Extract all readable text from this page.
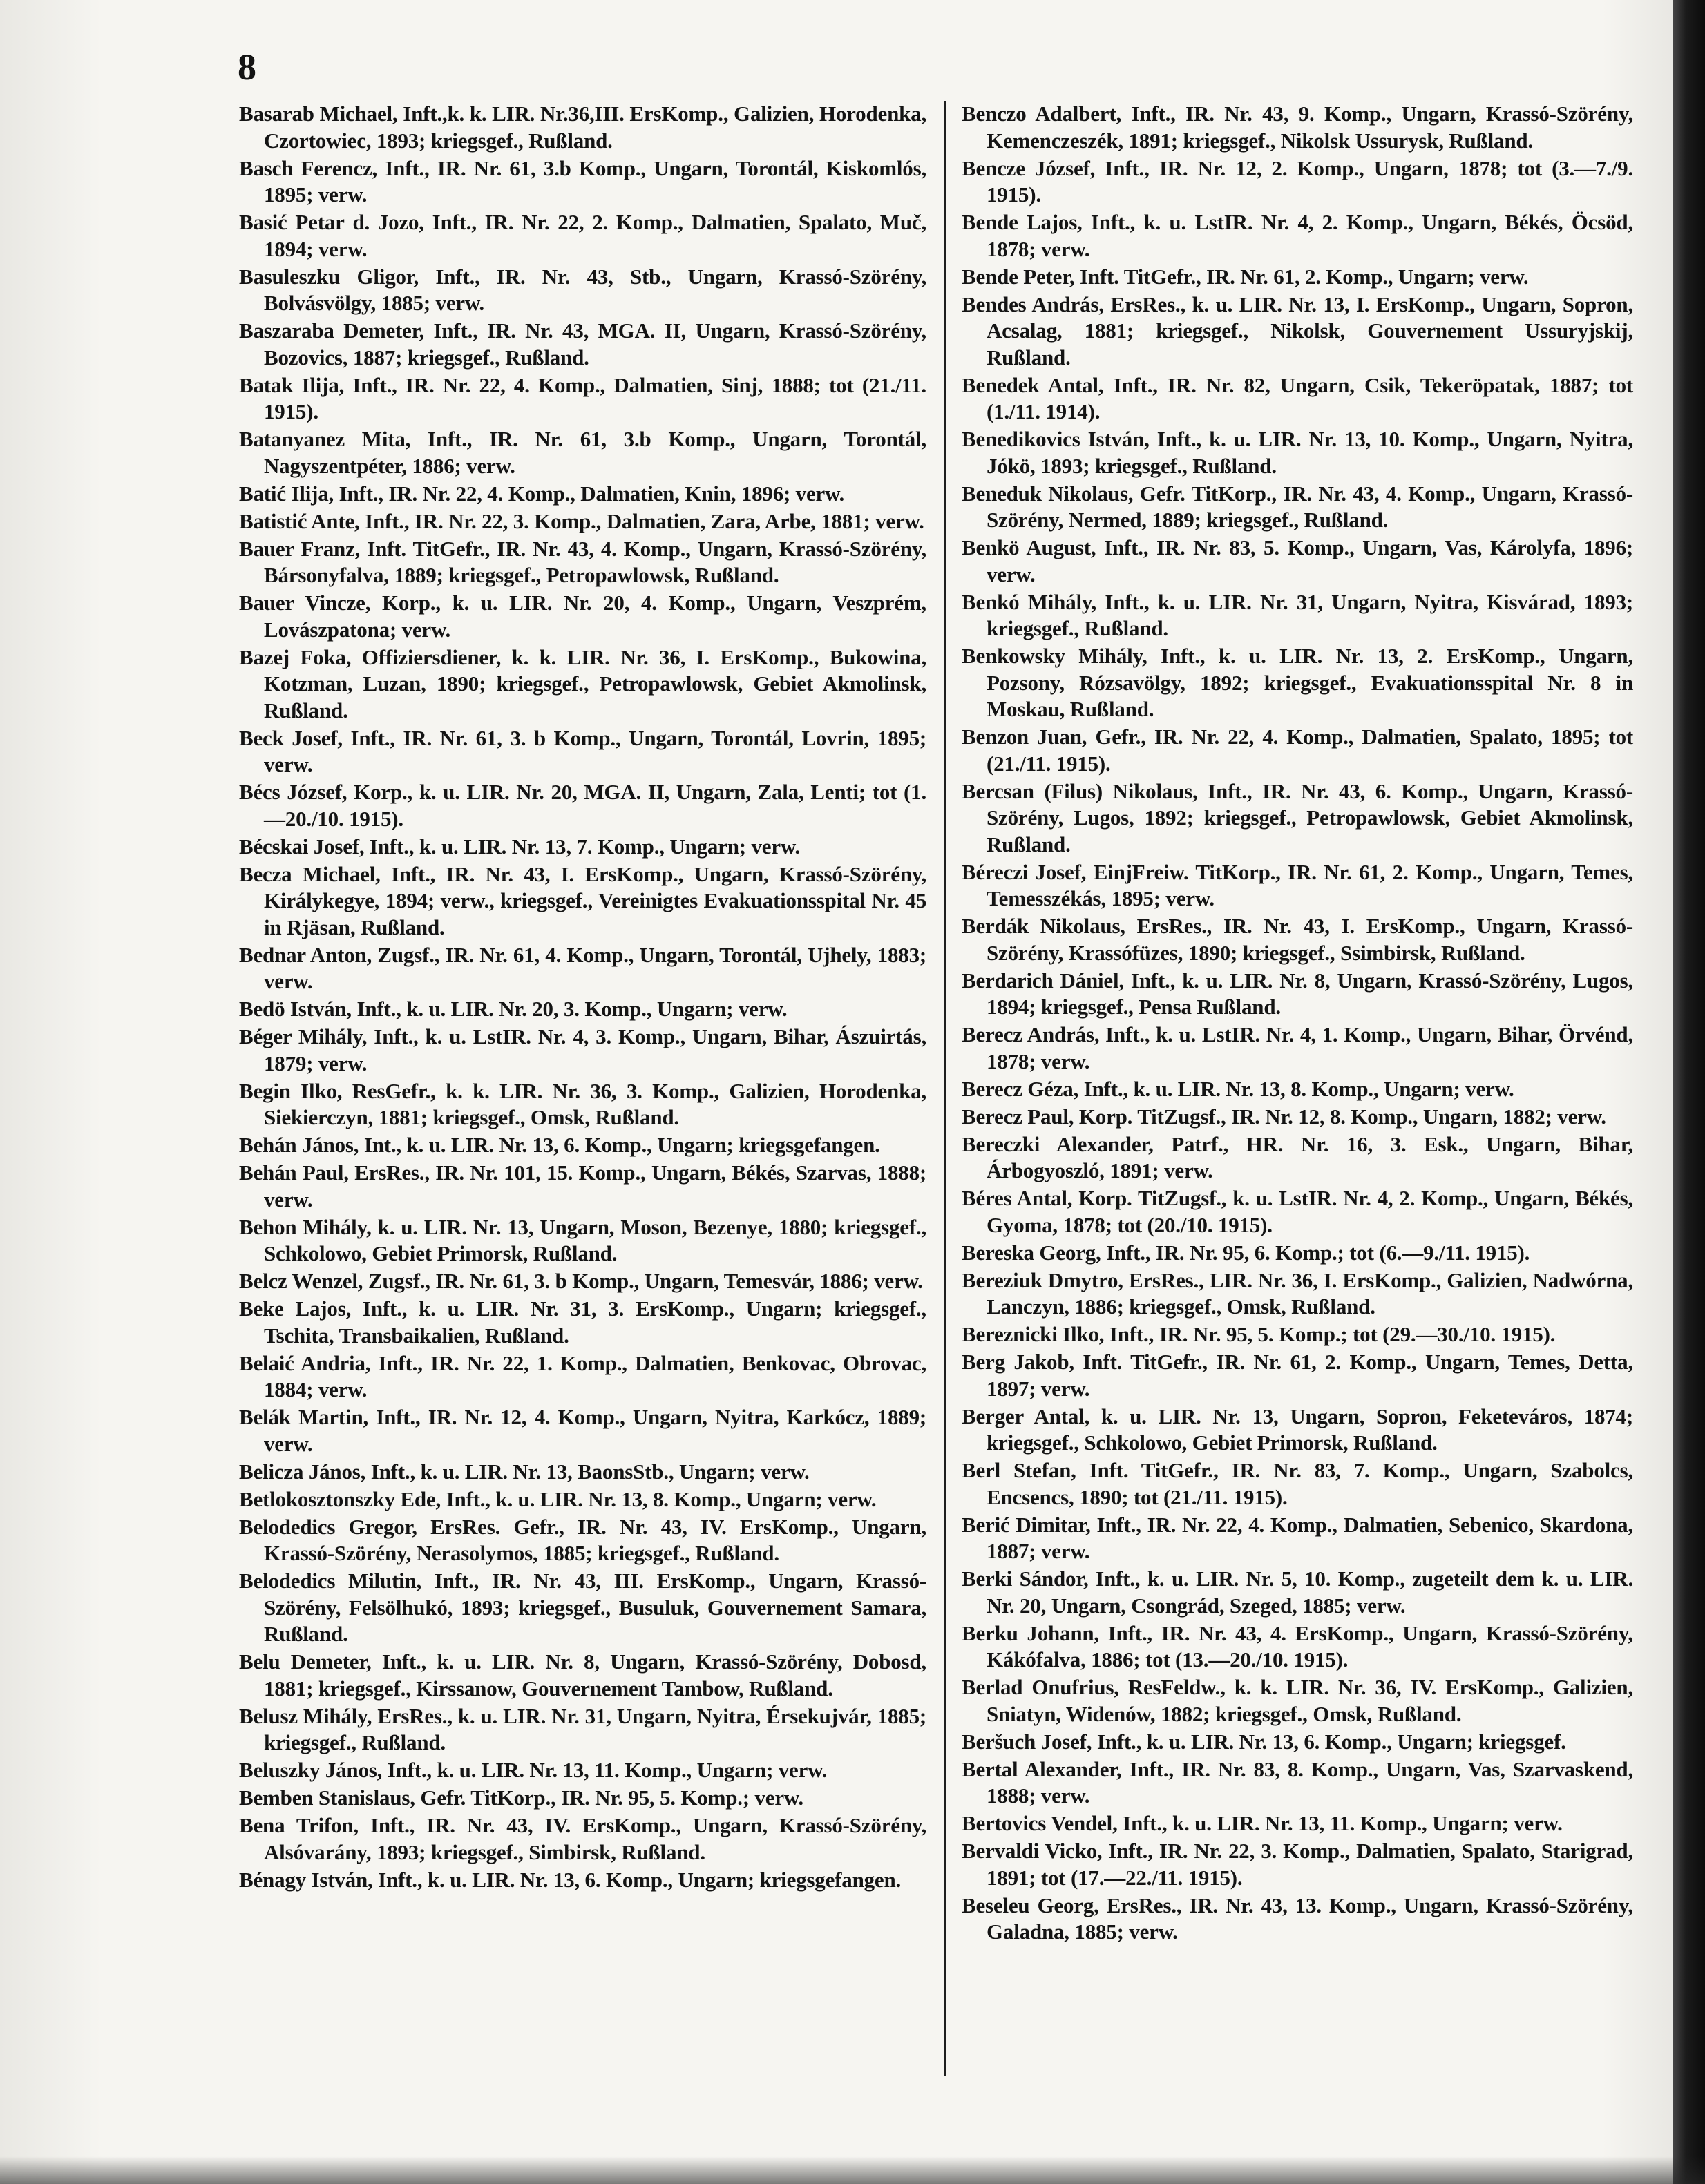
8
Basarab Michael, Inft.,k. k. LIR. Nr.36,III. ErsKomp., Galizien, Horodenka, Czortowiec, 1893; kriegsgef., Rußland.
Basch Ferencz, Inft., IR. Nr. 61, 3.b Komp., Ungarn, Torontál, Kiskomlós, 1895; verw.
Basić Petar d. Jozo, Inft., IR. Nr. 22, 2. Komp., Dalmatien, Spalato, Muč, 1894; verw.
Basuleszku Gligor, Inft., IR. Nr. 43, Stb., Ungarn, Krassó-Szörény, Bolvásvölgy, 1885; verw.
Baszaraba Demeter, Inft., IR. Nr. 43, MGA. II, Ungarn, Krassó-Szörény, Bozovics, 1887; kriegsgef., Rußland.
Batak Ilija, Inft., IR. Nr. 22, 4. Komp., Dalmatien, Sinj, 1888; tot (21./11. 1915).
Batanyanez Mita, Inft., IR. Nr. 61, 3.b Komp., Ungarn, Torontál, Nagyszentpéter, 1886; verw.
Batić Ilija, Inft., IR. Nr. 22, 4. Komp., Dalmatien, Knin, 1896; verw.
Batistić Ante, Inft., IR. Nr. 22, 3. Komp., Dalmatien, Zara, Arbe, 1881; verw.
Bauer Franz, Inft. TitGefr., IR. Nr. 43, 4. Komp., Ungarn, Krassó-Szörény, Bársonyfalva, 1889; kriegsgef., Petropawlowsk, Rußland.
Bauer Vincze, Korp., k. u. LIR. Nr. 20, 4. Komp., Ungarn, Veszprém, Lovászpatona; verw.
Bazej Foka, Offiziersdiener, k. k. LIR. Nr. 36, I. ErsKomp., Bukowina, Kotzman, Luzan, 1890; kriegsgef., Petropawlowsk, Gebiet Akmolinsk, Rußland.
Beck Josef, Inft., IR. Nr. 61, 3. b Komp., Ungarn, Torontál, Lovrin, 1895; verw.
Bécs József, Korp., k. u. LIR. Nr. 20, MGA. II, Ungarn, Zala, Lenti; tot (1.—20./10. 1915).
Bécskai Josef, Inft., k. u. LIR. Nr. 13, 7. Komp., Ungarn; verw.
Becza Michael, Inft., IR. Nr. 43, I. ErsKomp., Ungarn, Krassó-Szörény, Királykegye, 1894; verw., kriegsgef., Vereinigtes Evakuationsspital Nr. 45 in Rjäsan, Rußland.
Bednar Anton, Zugsf., IR. Nr. 61, 4. Komp., Ungarn, Torontál, Ujhely, 1883; verw.
Bedö István, Inft., k. u. LIR. Nr. 20, 3. Komp., Ungarn; verw.
Béger Mihály, Inft., k. u. LstIR. Nr. 4, 3. Komp., Ungarn, Bihar, Ászuirtás, 1879; verw.
Begin Ilko, ResGefr., k. k. LIR. Nr. 36, 3. Komp., Galizien, Horodenka, Siekierczyn, 1881; kriegsgef., Omsk, Rußland.
Behán János, Int., k. u. LIR. Nr. 13, 6. Komp., Ungarn; kriegsgefangen.
Behán Paul, ErsRes., IR. Nr. 101, 15. Komp., Ungarn, Békés, Szarvas, 1888; verw.
Behon Mihály, k. u. LIR. Nr. 13, Ungarn, Moson, Bezenye, 1880; kriegsgef., Schkolowo, Gebiet Primorsk, Rußland.
Belcz Wenzel, Zugsf., IR. Nr. 61, 3. b Komp., Ungarn, Temesvár, 1886; verw.
Beke Lajos, Inft., k. u. LIR. Nr. 31, 3. ErsKomp., Ungarn; kriegsgef., Tschita, Transbaikalien, Rußland.
Belaić Andria, Inft., IR. Nr. 22, 1. Komp., Dalmatien, Benkovac, Obrovac, 1884; verw.
Belák Martin, Inft., IR. Nr. 12, 4. Komp., Ungarn, Nyitra, Karkócz, 1889; verw.
Belicza János, Inft., k. u. LIR. Nr. 13, BaonsStb., Ungarn; verw.
Betlokosztonszky Ede, Inft., k. u. LIR. Nr. 13, 8. Komp., Ungarn; verw.
Belodedics Gregor, ErsRes. Gefr., IR. Nr. 43, IV. ErsKomp., Ungarn, Krassó-Szörény, Nerasolymos, 1885; kriegsgef., Rußland.
Belodedics Milutin, Inft., IR. Nr. 43, III. ErsKomp., Ungarn, Krassó-Szörény, Felsölhukó, 1893; kriegsgef., Busuluk, Gouvernement Samara, Rußland.
Belu Demeter, Inft., k. u. LIR. Nr. 8, Ungarn, Krassó-Szörény, Dobosd, 1881; kriegsgef., Kirssanow, Gouvernement Tambow, Rußland.
Belusz Mihály, ErsRes., k. u. LIR. Nr. 31, Ungarn, Nyitra, Érsekujvár, 1885; kriegsgef., Rußland.
Beluszky János, Inft., k. u. LIR. Nr. 13, 11. Komp., Ungarn; verw.
Bemben Stanislaus, Gefr. TitKorp., IR. Nr. 95, 5. Komp.; verw.
Bena Trifon, Inft., IR. Nr. 43, IV. ErsKomp., Ungarn, Krassó-Szörény, Alsóvarány, 1893; kriegsgef., Simbirsk, Rußland.
Bénagy István, Inft., k. u. LIR. Nr. 13, 6. Komp., Ungarn; kriegsgefangen.
Benczo Adalbert, Inft., IR. Nr. 43, 9. Komp., Ungarn, Krassó-Szörény, Kemenczeszék, 1891; kriegsgef., Nikolsk Ussurysk, Rußland.
Bencze József, Inft., IR. Nr. 12, 2. Komp., Ungarn, 1878; tot (3.—7./9. 1915).
Bende Lajos, Inft., k. u. LstIR. Nr. 4, 2. Komp., Ungarn, Békés, Öcsöd, 1878; verw.
Bende Peter, Inft. TitGefr., IR. Nr. 61, 2. Komp., Ungarn; verw.
Bendes András, ErsRes., k. u. LIR. Nr. 13, I. ErsKomp., Ungarn, Sopron, Acsalag, 1881; kriegsgef., Nikolsk, Gouvernement Ussuryjskij, Rußland.
Benedek Antal, Inft., IR. Nr. 82, Ungarn, Csik, Tekeröpatak, 1887; tot (1./11. 1914).
Benedikovics István, Inft., k. u. LIR. Nr. 13, 10. Komp., Ungarn, Nyitra, Jókö, 1893; kriegsgef., Rußland.
Beneduk Nikolaus, Gefr. TitKorp., IR. Nr. 43, 4. Komp., Ungarn, Krassó-Szörény, Nermed, 1889; kriegsgef., Rußland.
Benkö August, Inft., IR. Nr. 83, 5. Komp., Ungarn, Vas, Károlyfa, 1896; verw.
Benkó Mihály, Inft., k. u. LIR. Nr. 31, Ungarn, Nyitra, Kisvárad, 1893; kriegsgef., Rußland.
Benkowsky Mihály, Inft., k. u. LIR. Nr. 13, 2. ErsKomp., Ungarn, Pozsony, Rózsavölgy, 1892; kriegsgef., Evakuationsspital Nr. 8 in Moskau, Rußland.
Benzon Juan, Gefr., IR. Nr. 22, 4. Komp., Dalmatien, Spalato, 1895; tot (21./11. 1915).
Bercsan (Filus) Nikolaus, Inft., IR. Nr. 43, 6. Komp., Ungarn, Krassó-Szörény, Lugos, 1892; kriegsgef., Petropawlowsk, Gebiet Akmolinsk, Rußland.
Béreczi Josef, EinjFreiw. TitKorp., IR. Nr. 61, 2. Komp., Ungarn, Temes, Temesszékás, 1895; verw.
Berdák Nikolaus, ErsRes., IR. Nr. 43, I. ErsKomp., Ungarn, Krassó-Szörény, Krassófüzes, 1890; kriegsgef., Ssimbirsk, Rußland.
Berdarich Dániel, Inft., k. u. LIR. Nr. 8, Ungarn, Krassó-Szörény, Lugos, 1894; kriegsgef., Pensa Rußland.
Berecz András, Inft., k. u. LstIR. Nr. 4, 1. Komp., Ungarn, Bihar, Örvénd, 1878; verw.
Berecz Géza, Inft., k. u. LIR. Nr. 13, 8. Komp., Ungarn; verw.
Berecz Paul, Korp. TitZugsf., IR. Nr. 12, 8. Komp., Ungarn, 1882; verw.
Bereczki Alexander, Patrf., HR. Nr. 16, 3. Esk., Ungarn, Bihar, Árbogyoszló, 1891; verw.
Béres Antal, Korp. TitZugsf., k. u. LstIR. Nr. 4, 2. Komp., Ungarn, Békés, Gyoma, 1878; tot (20./10. 1915).
Bereska Georg, Inft., IR. Nr. 95, 6. Komp.; tot (6.—9./11. 1915).
Bereziuk Dmytro, ErsRes., LIR. Nr. 36, I. ErsKomp., Galizien, Nadwórna, Lanczyn, 1886; kriegsgef., Omsk, Rußland.
Bereznicki Ilko, Inft., IR. Nr. 95, 5. Komp.; tot (29.—30./10. 1915).
Berg Jakob, Inft. TitGefr., IR. Nr. 61, 2. Komp., Ungarn, Temes, Detta, 1897; verw.
Berger Antal, k. u. LIR. Nr. 13, Ungarn, Sopron, Feketeváros, 1874; kriegsgef., Schkolowo, Gebiet Primorsk, Rußland.
Berl Stefan, Inft. TitGefr., IR. Nr. 83, 7. Komp., Ungarn, Szabolcs, Encsencs, 1890; tot (21./11. 1915).
Berić Dimitar, Inft., IR. Nr. 22, 4. Komp., Dalmatien, Sebenico, Skardona, 1887; verw.
Berki Sándor, Inft., k. u. LIR. Nr. 5, 10. Komp., zugeteilt dem k. u. LIR. Nr. 20, Ungarn, Csongrád, Szeged, 1885; verw.
Berku Johann, Inft., IR. Nr. 43, 4. ErsKomp., Ungarn, Krassó-Szörény, Kákófalva, 1886; tot (13.—20./10. 1915).
Berlad Onufrius, ResFeldw., k. k. LIR. Nr. 36, IV. ErsKomp., Galizien, Sniatyn, Widenów, 1882; kriegsgef., Omsk, Rußland.
Beršuch Josef, Inft., k. u. LIR. Nr. 13, 6. Komp., Ungarn; kriegsgef.
Bertal Alexander, Inft., IR. Nr. 83, 8. Komp., Ungarn, Vas, Szarvaskend, 1888; verw.
Bertovics Vendel, Inft., k. u. LIR. Nr. 13, 11. Komp., Ungarn; verw.
Bervaldi Vicko, Inft., IR. Nr. 22, 3. Komp., Dalmatien, Spalato, Starigrad, 1891; tot (17.—22./11. 1915).
Beseleu Georg, ErsRes., IR. Nr. 43, 13. Komp., Ungarn, Krassó-Szörény, Galadna, 1885; verw.
